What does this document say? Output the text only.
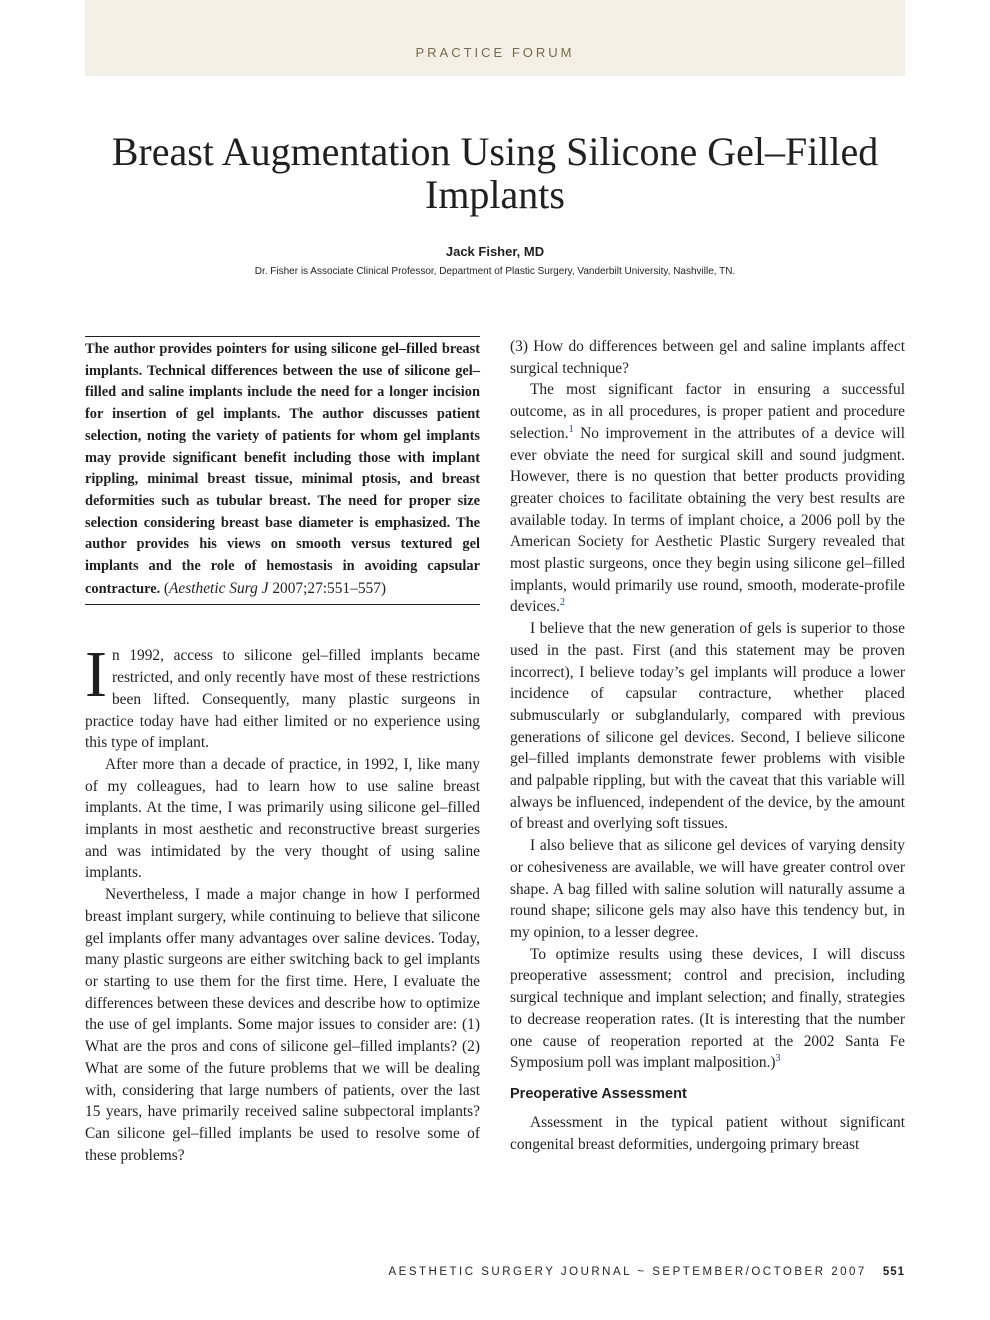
PRACTICE FORUM
Breast Augmentation Using Silicone Gel–Filled Implants
Jack Fisher, MD
Dr. Fisher is Associate Clinical Professor, Department of Plastic Surgery, Vanderbilt University, Nashville, TN.
The author provides pointers for using silicone gel–filled breast implants. Technical differences between the use of silicone gel–filled and saline implants include the need for a longer incision for insertion of gel implants. The author discusses patient selection, noting the variety of patients for whom gel implants may provide significant benefit including those with implant rippling, minimal breast tissue, minimal ptosis, and breast deformities such as tubular breast. The need for proper size selection considering breast base diameter is emphasized. The author provides his views on smooth versus textured gel implants and the role of hemostasis in avoiding capsular contracture. (Aesthetic Surg J 2007;27:551–557)

In 1992, access to silicone gel–filled implants became restricted, and only recently have most of these restrictions been lifted. Consequently, many plastic surgeons in practice today have had either limited or no experience using this type of implant.

After more than a decade of practice, in 1992, I, like many of my colleagues, had to learn how to use saline breast implants. At the time, I was primarily using silicone gel–filled implants in most aesthetic and reconstructive breast surgeries and was intimidated by the very thought of using saline implants.

Nevertheless, I made a major change in how I performed breast implant surgery, while continuing to believe that silicone gel implants offer many advantages over saline devices. Today, many plastic surgeons are either switching back to gel implants or starting to use them for the first time. Here, I evaluate the differences between these devices and describe how to optimize the use of gel implants. Some major issues to consider are: (1) What are the pros and cons of silicone gel–filled implants? (2) What are some of the future problems that we will be dealing with, considering that large numbers of patients, over the last 15 years, have primarily received saline subpectoral implants? Can silicone gel–filled implants be used to resolve some of these problems?

(3) How do differences between gel and saline implants affect surgical technique?

The most significant factor in ensuring a successful outcome, as in all procedures, is proper patient and procedure selection.$^1$ No improvement in the attributes of a device will ever obviate the need for surgical skill and sound judgment. However, there is no question that better products providing greater choices to facilitate obtaining the very best results are available today. In terms of implant choice, a 2006 poll by the American Society for Aesthetic Plastic Surgery revealed that most plastic surgeons, once they begin using silicone gel–filled implants, would primarily use round, smooth, moderate-profile devices.$^2$

I believe that the new generation of gels is superior to those used in the past. First (and this statement may be proven incorrect), I believe today’s gel implants will produce a lower incidence of capsular contracture, whether placed submuscularly or subglandularly, compared with previous generations of silicone gel devices. Second, I believe silicone gel–filled implants demonstrate fewer problems with visible and palpable rippling, but with the caveat that this variable will always be influenced, independent of the device, by the amount of breast and overlying soft tissues.

I also believe that as silicone gel devices of varying density or cohesiveness are available, we will have greater control over shape. A bag filled with saline solution will naturally assume a round shape; silicone gels may also have this tendency but, in my opinion, to a lesser degree.

To optimize results using these devices, I will discuss preoperative assessment; control and precision, including surgical technique and implant selection; and finally, strategies to decrease reoperation rates. (It is interesting that the number one cause of reoperation reported at the 2002 Santa Fe Symposium poll was implant malposition.)$^3$

Preoperative Assessment

Assessment in the typical patient without significant congenital breast deformities, undergoing primary breast

AESTHETIC SURGERY JOURNAL ~ SEPTEMBER/OCTOBER 2007 551
